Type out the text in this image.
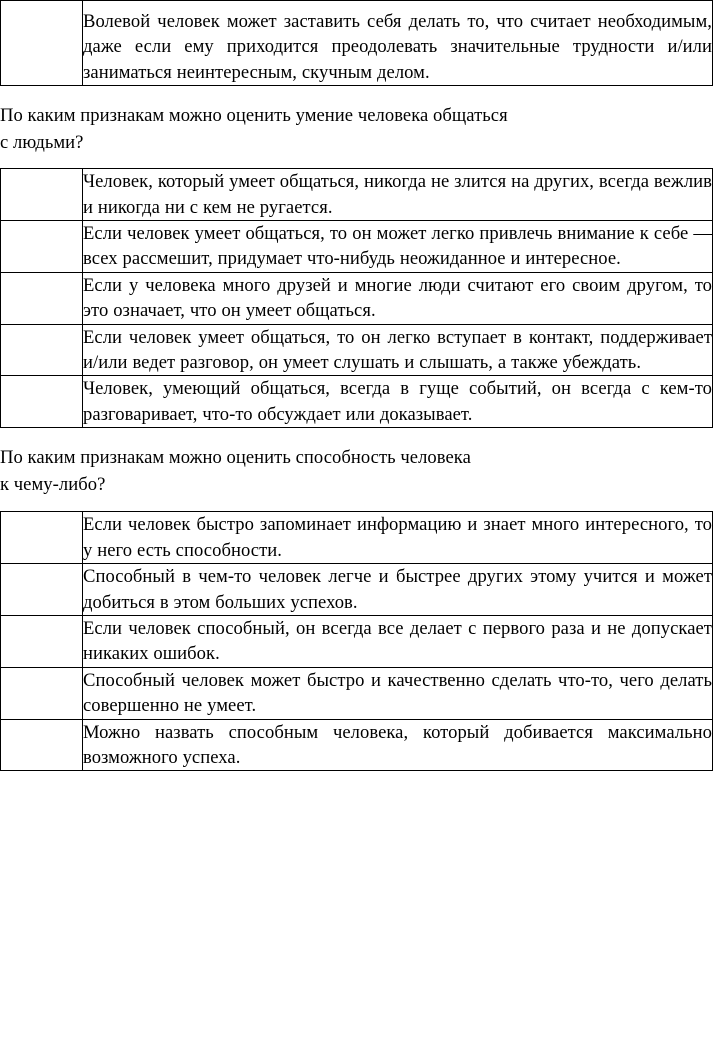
Волевой человек может заставить себя делать то, что считает необходимым, даже если ему приходится преодолевать значительные трудности и/или заниматься неинтересным, скучным делом.
По каким признакам можно оценить умение человека общаться
с людьми?

	Человек, который умеет общаться, никогда не злится на других, всегда вежлив и никогда ни с кем не ругается.

	Если человек умеет общаться, то он может легко привлечь внимание к себе — всех рассмешит, придумает что-нибудь неожиданное и интересное.

	Если у человека много друзей и многие люди считают его своим другом, то это означает, что он умеет общаться.

	Если человек умеет общаться, то он легко вступает в контакт, поддерживает и/или ведет разговор, он умеет слушать и слышать, а также убеждать.

	Человек, умеющий общаться, всегда в гуще событий, он всегда с кем-то разговаривает, что-то обсуждает или доказывает.
По каким признакам можно оценить способность человека
к чему-либо?

	Если человек быстро запоминает информацию и знает много интересного, то у него есть способности.

	Способный в чем-то человек легче и быстрее других этому учится и может добиться в этом больших успехов.

	Если человек способный, он всегда все делает с первого раза и не допускает никаких ошибок.

	Способный человек может быстро и качественно сделать что-то, чего делать совершенно не умеет.

	Можно назвать способным человека, который добивается максимально возможного успеха.
